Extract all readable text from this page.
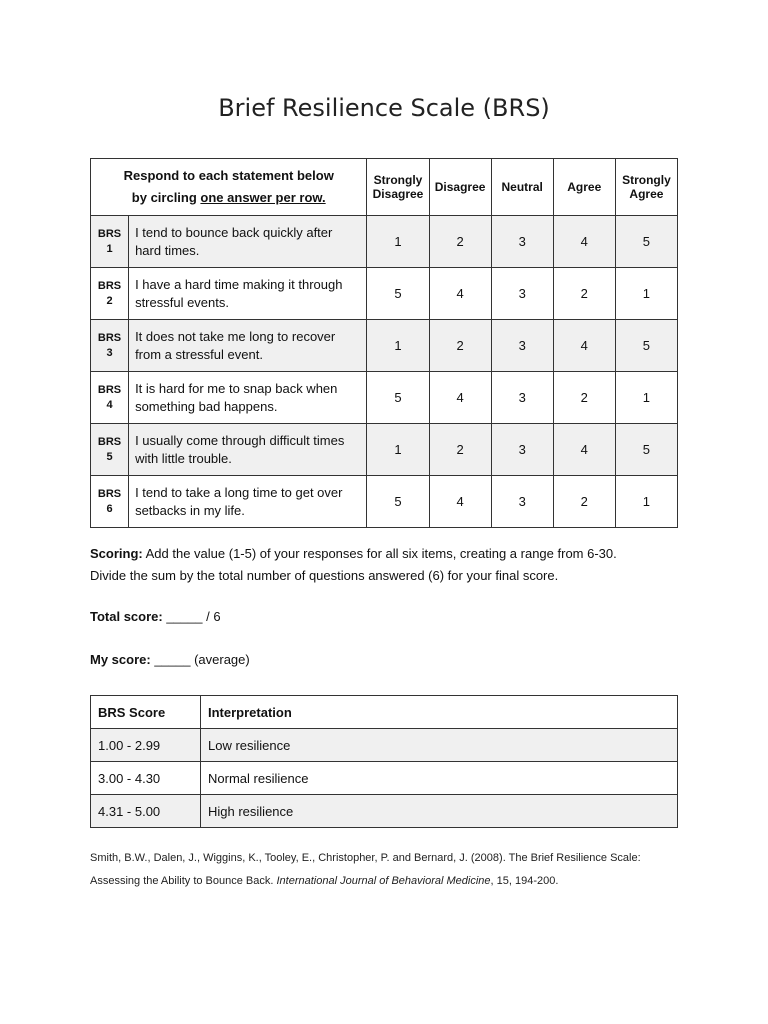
Brief Resilience Scale (BRS)
Respond to each statement below
by circling one answer per row.		Strongly Disagree	Disagree	Neutral	Agree	Strongly Agree
BRS
1	I tend to bounce back quickly after hard times.	1	2	3	4	5
BRS
2	I have a hard time making it through stressful events.	5	4	3	2	1
BRS
3	It does not take me long to recover from a stressful event.	1	2	3	4	5
BRS
4	It is hard for me to snap back when something bad happens.	5	4	3	2	1
BRS
5	I usually come through difficult times with little trouble.	1	2	3	4	5
BRS
6	I tend to take a long time to get over setbacks in my life.	5	4	3	2	1
Scoring: Add the value (1-5) of your responses for all six items, creating a range from 6-30.
Divide the sum by the total number of questions answered (6) for your final score.
Total score: _____ / 6
My score: _____ (average)
BRS Score	Interpretation
1.00 - 2.99	Low resilience
3.00 - 4.30	Normal resilience
4.31 - 5.00	High resilience
Smith, B.W., Dalen, J., Wiggins, K., Tooley, E., Christopher, P. and Bernard, J. (2008). The Brief Resilience Scale: Assessing the Ability to Bounce Back. International Journal of Behavioral Medicine, 15, 194-200.
